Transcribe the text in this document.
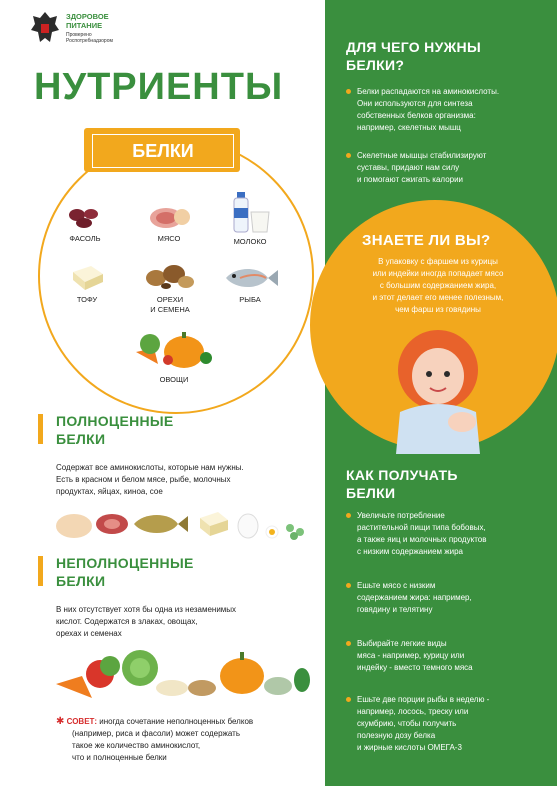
ЗДОРОВОЕ
ПИТАНИЕ
Проверено
Роспотребнадзором
НУТРИЕНТЫ
БЕЛКИ
ФАСОЛЬ	МЯСО	МОЛОКО
ТОФУ	ОРЕХИ
И СЕМЕНА
РЫБА
ОВОЩИ
ПОЛНОЦЕННЫЕ
БЕЛКИ
Содержат все аминокислоты, которые нам нужны.
Есть в красном и белом мясе, рыбе, молочных
продуктах, яйцах, киноа, сое
НЕПОЛНОЦЕННЫЕ
БЕЛКИ
В них отсутствует хотя бы одна из незаменимых
кислот. Содержатся в злаках, овощах,
орехах и семенах
✱ СОВЕТ: иногда сочетание неполноценных белков
(например, риса и фасоли) может содержать
такое же количество аминокислот,
что и полноценные белки
ДЛЯ ЧЕГО НУЖНЫ
БЕЛКИ?
Белки распадаются на аминокислоты.
Они используются для синтеза
собственных белков организма:
например, скелетных мышц
Скелетные мышцы стабилизируют
суставы, придают нам силу
и помогают сжигать калории
ЗНАЕТЕ ЛИ ВЫ?
В упаковку с фаршем из курицы
или индейки иногда попадает мясо
с большим содержанием жира,
и этот делает его менее полезным,
чем фарш из говядины
КАК ПОЛУЧАТЬ
БЕЛКИ
Увеличьте потребление
растительной пищи типа бобовых,
а также яиц и молочных продуктов
с низким содержанием жира
Ешьте мясо с низким
содержанием жира: например,
говядину и телятину
Выбирайте легкие виды
мяса - например, курицу или
индейку - вместо темного мяса
Ешьте две порции рыбы в неделю -
например, лосось, треску или
скумбрию, чтобы получить
полезную дозу белка
и жирные кислоты ОМЕГА-3
